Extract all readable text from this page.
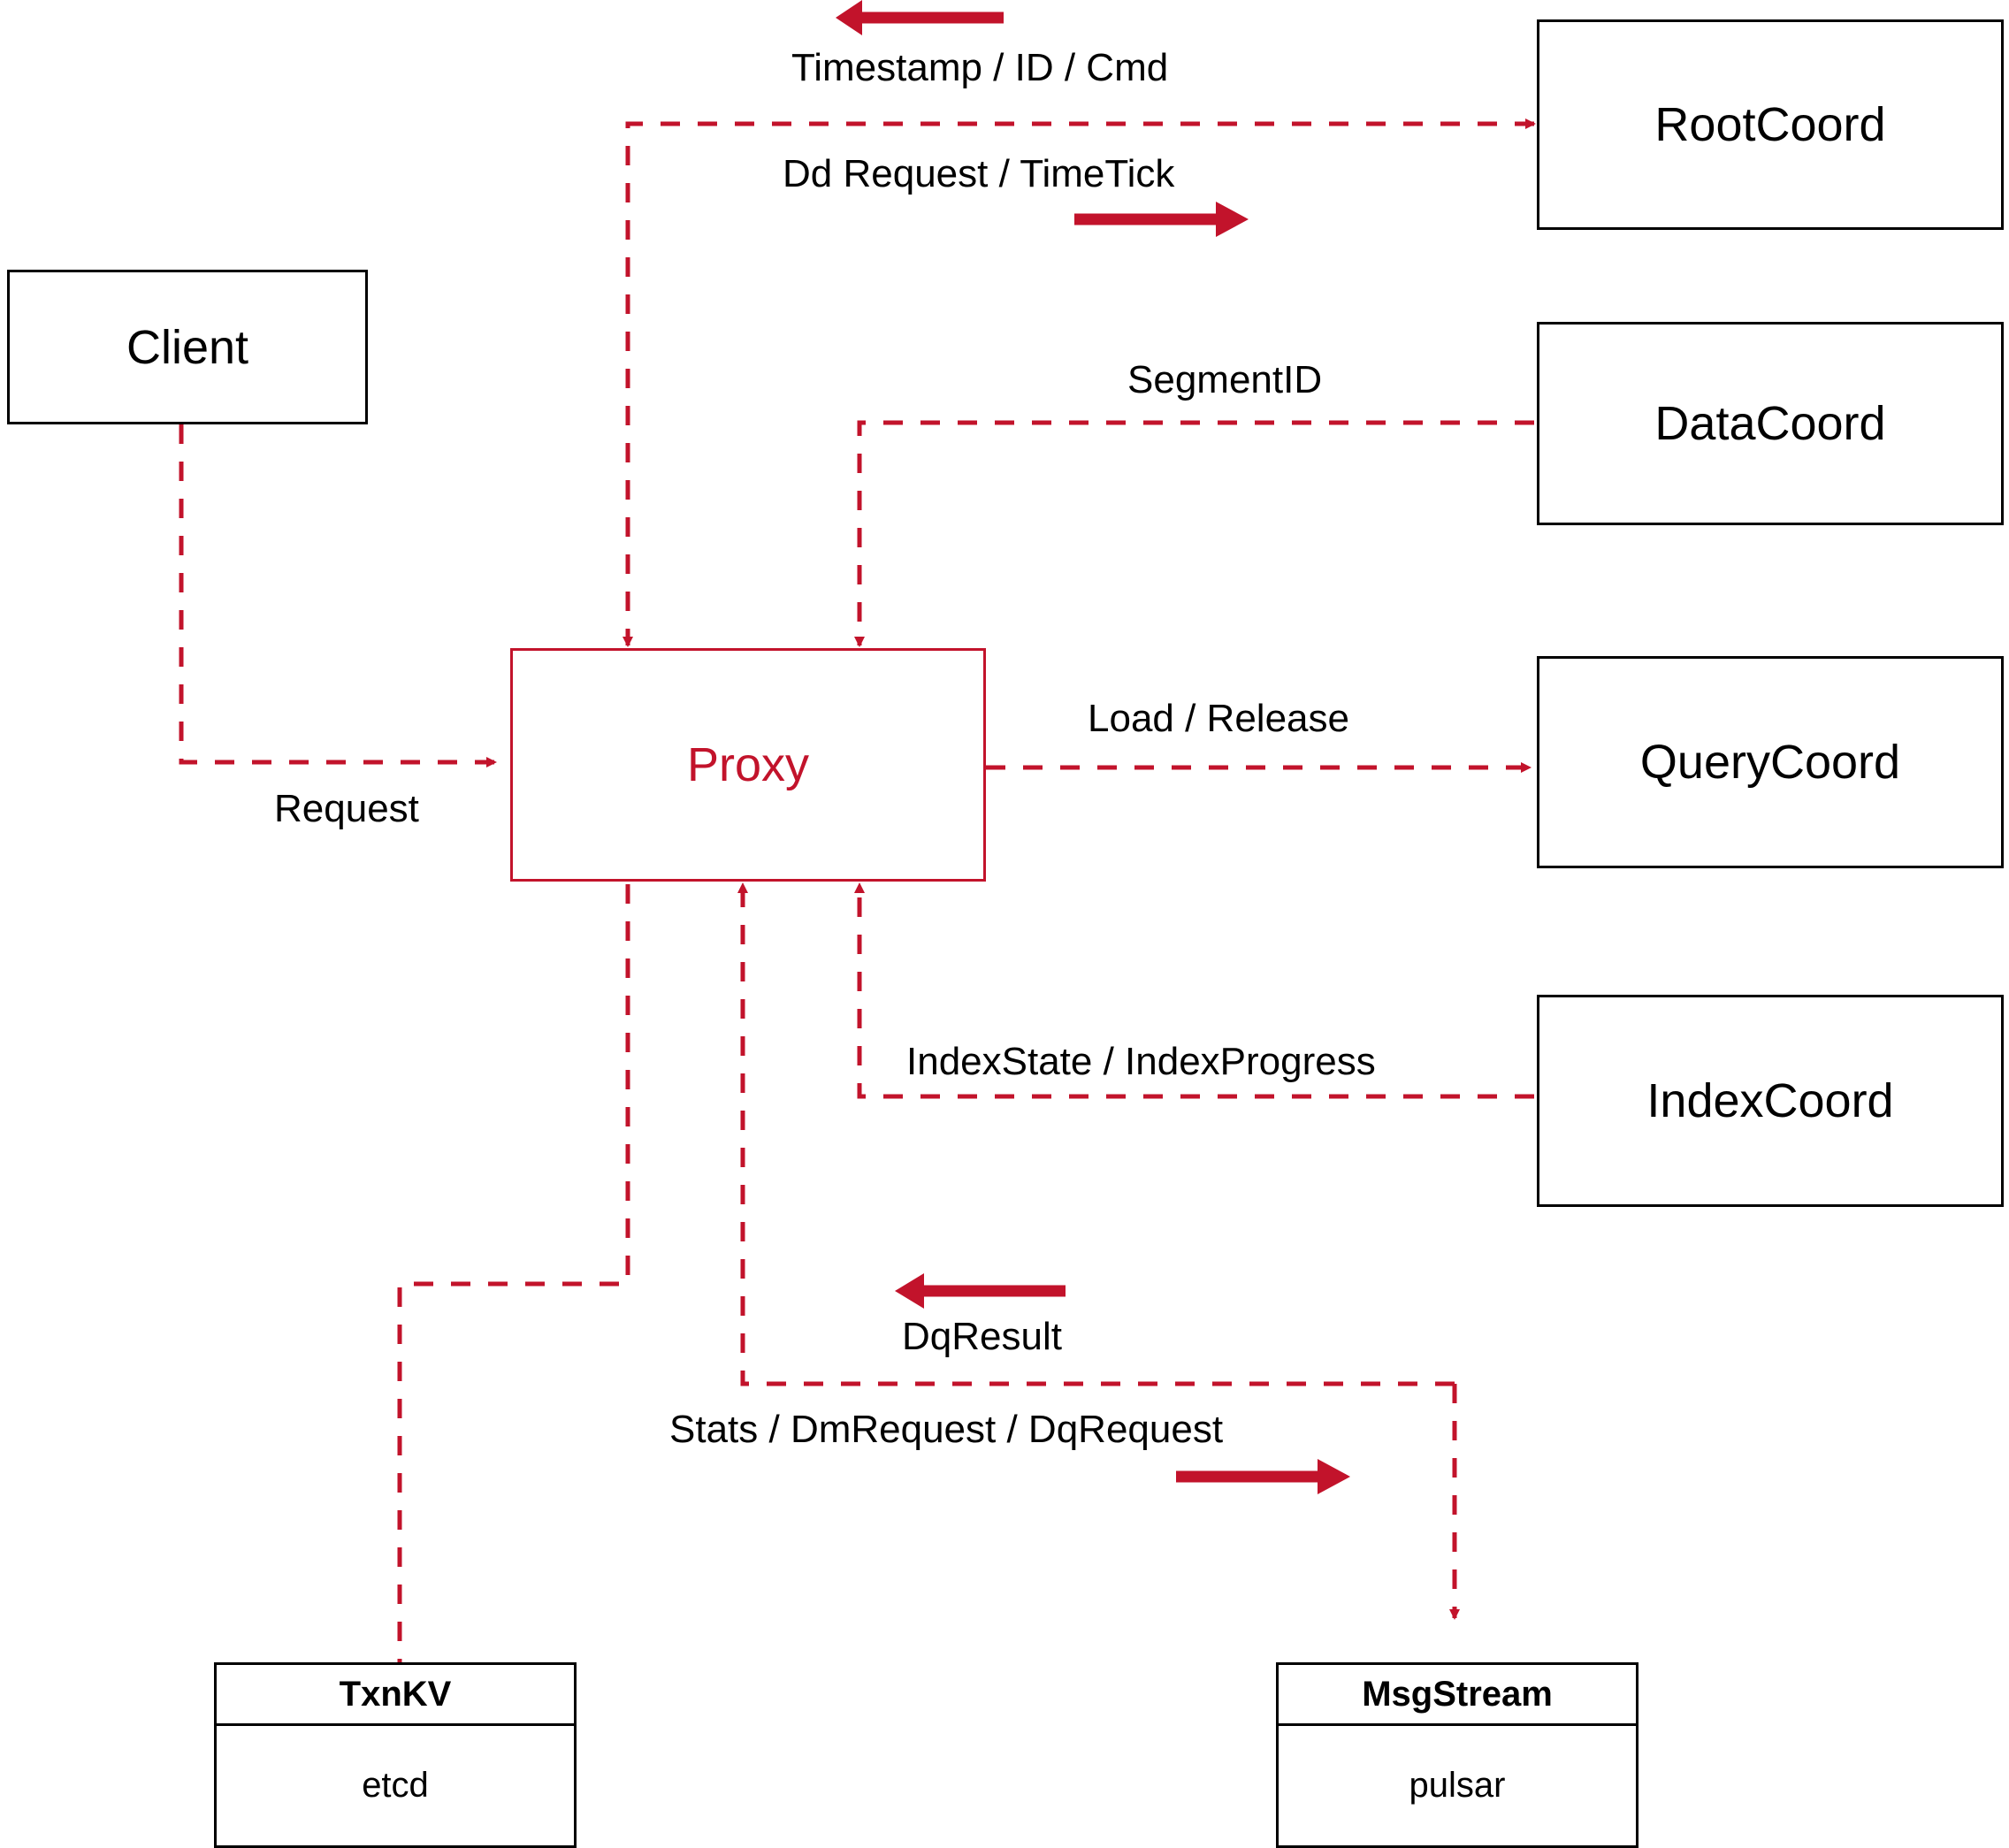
Client
Proxy
RootCoord
DataCoord
QueryCoord
IndexCoord
TxnKV
etcd
MsgStream
pulsar
Timestamp / ID / Cmd
Dd Request / TimeTick
SegmentID
Load / Release
IndexState / IndexProgress
Request
DqResult
Stats / DmRequest / DqRequest
